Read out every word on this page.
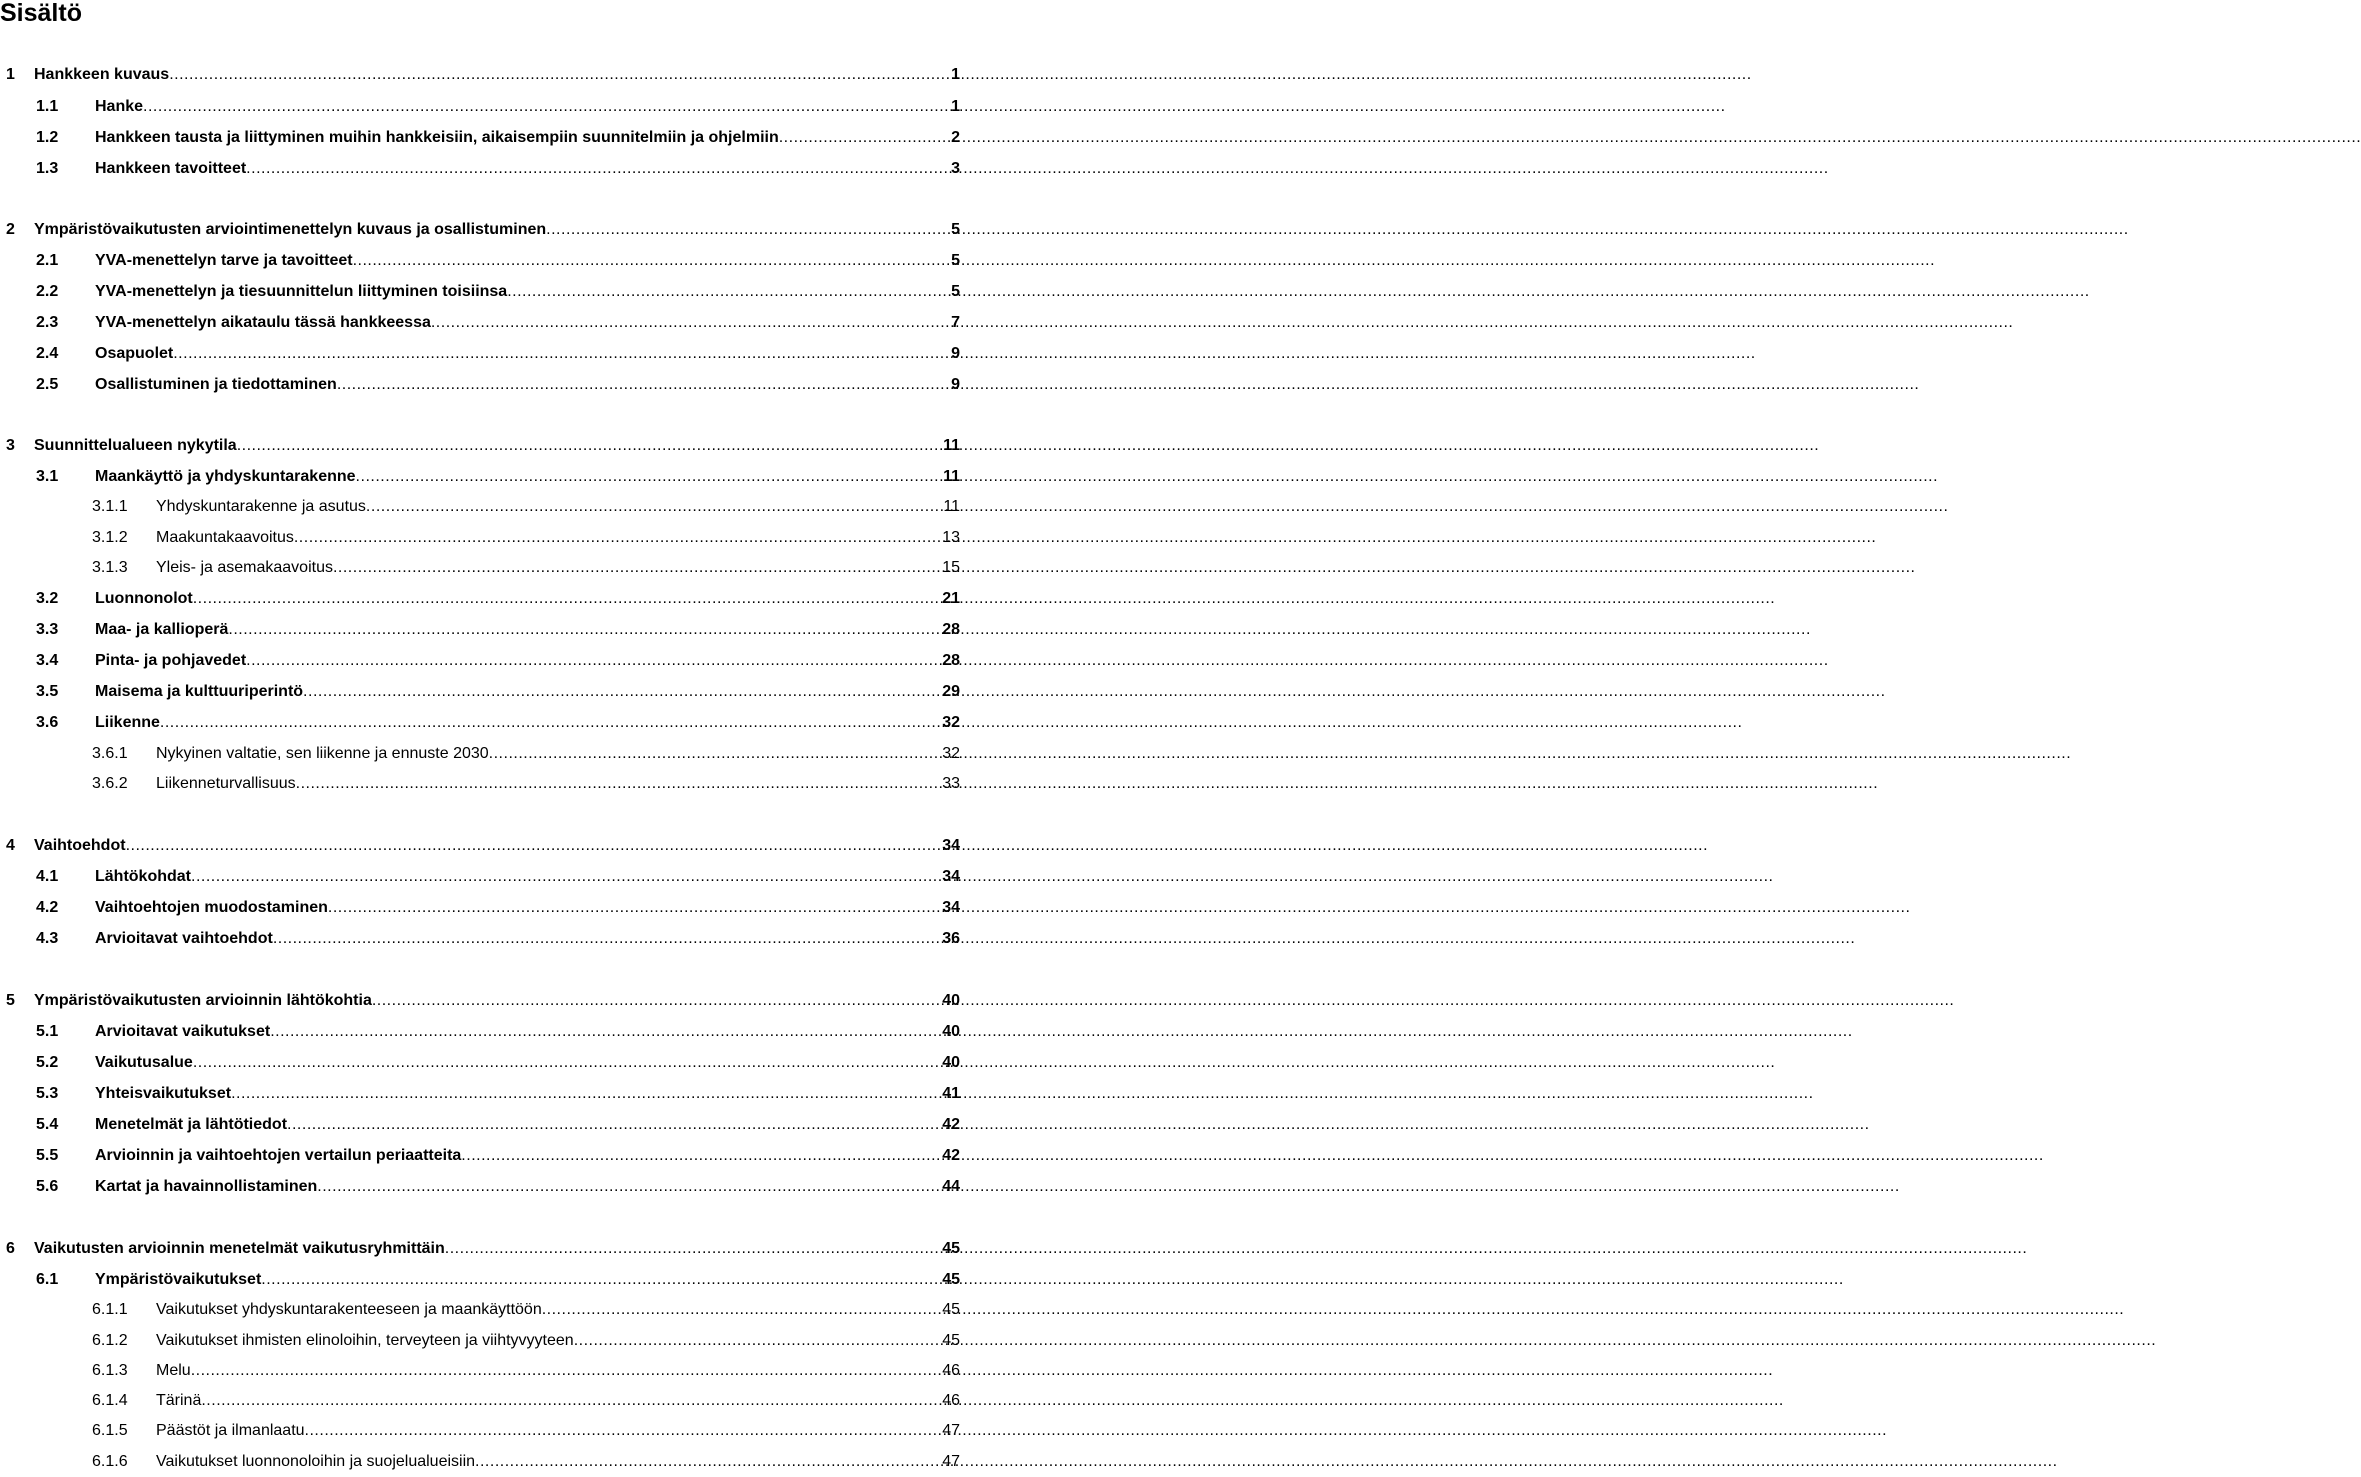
Sisältö
1	Hankkeen kuvaus .....	1
1.1	Hanke .....	1
1.2	Hankkeen tausta ja liittyminen muihin hankkeisiin, aikaisempiin suunnitelmiin ja ohjelmiin .....	2
1.3	Hankkeen tavoitteet .....	3
2	Ympäristövaikutusten arviointimenettelyn kuvaus ja osallistuminen .....	5
2.1	YVA-menettelyn tarve ja tavoitteet .....	5
2.2	YVA-menettelyn ja tiesuunnittelun liittyminen toisiinsa .....	5
2.3	YVA-menettelyn aikataulu tässä hankkeessa .....	7
2.4	Osapuolet .....	9
2.5	Osallistuminen ja tiedottaminen .....	9
3	Suunnittelualueen nykytila .....	11
3.1	Maankäyttö ja yhdyskuntarakenne .....	11
3.1.1	Yhdyskuntarakenne ja asutus .....	11
3.1.2	Maakuntakaavoitus .....	13
3.1.3	Yleis- ja asemakaavoitus .....	15
3.2	Luonnonolot .....	21
3.3	Maa- ja kallioperä .....	28
3.4	Pinta- ja pohjavedet .....	28
3.5	Maisema ja kulttuuriperintö .....	29
3.6	Liikenne .....	32
3.6.1	Nykyinen valtatie, sen liikenne ja ennuste 2030 .....	32
3.6.2	Liikenneturvallisuus .....	33
4	Vaihtoehdot .....	34
4.1	Lähtökohdat .....	34
4.2	Vaihtoehtojen muodostaminen .....	34
4.3	Arvioitavat vaihtoehdot .....	36
5	Ympäristövaikutusten arvioinnin lähtökohtia .....	40
5.1	Arvioitavat vaikutukset .....	40
5.2	Vaikutusalue .....	40
5.3	Yhteisvaikutukset .....	41
5.4	Menetelmät ja lähtötiedot .....	42
5.5	Arvioinnin ja vaihtoehtojen vertailun periaatteita .....	42
5.6	Kartat ja havainnollistaminen .....	44
6	Vaikutusten arvioinnin menetelmät vaikutusryhmittäin .....	45
6.1	Ympäristövaikutukset .....	45
6.1.1	Vaikutukset yhdyskuntarakenteeseen ja maankäyttöön .....	45
6.1.2	Vaikutukset ihmisten elinoloihin, terveyteen ja viihtyvyyteen .....	45
6.1.3	Melu .....	46
6.1.4	Tärinä .....	46
6.1.5	Päästöt ja ilmanlaatu .....	47
6.1.6	Vaikutukset luonnonoloihin ja suojelualueisiin .....	47
